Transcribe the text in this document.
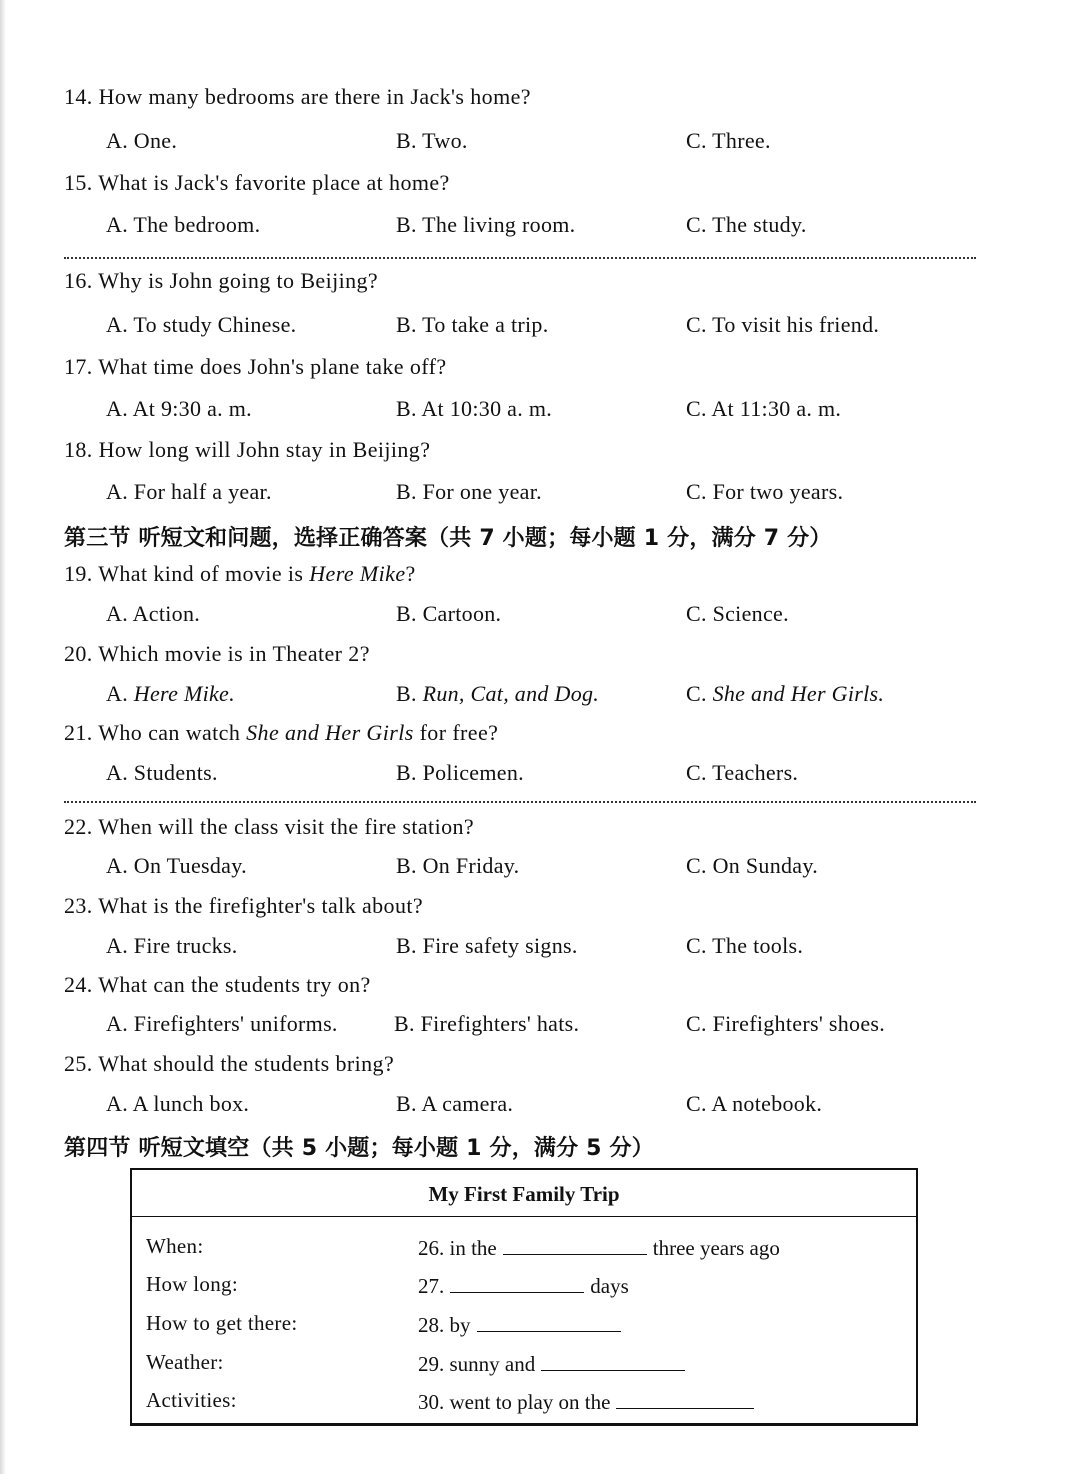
14. How many bedrooms are there in Jack's home?
A. One.	B. Two.	C. Three.
15. What is Jack's favorite place at home?
A. The bedroom.	B. The living room.	C. The study.
16. Why is John going to Beijing?
A. To study Chinese.	B. To take a trip.	C. To visit his friend.
17. What time does John's plane take off?
A. At 9:30 a. m.	B. At 10:30 a. m.	C. At 11:30 a. m.
18. How long will John stay in Beijing?
A. For half a year.	B. For one year.	C. For two years.
第三节 听短文和问题，选择正确答案（共 7 小题；每小题 1 分，满分 7 分）
19. What kind of movie is Here Mike?
A. Action.	B. Cartoon.	C. Science.
20. Which movie is in Theater 2?
A. Here Mike.	B. Run, Cat, and Dog.	C. She and Her Girls.
21. Who can watch She and Her Girls for free?
A. Students.	B. Policemen.	C. Teachers.
22. When will the class visit the fire station?
A. On Tuesday.	B. On Friday.	C. On Sunday.
23. What is the firefighter's talk about?
A. Fire trucks.	B. Fire safety signs.	C. The tools.
24. What can the students try on?
A. Firefighters' uniforms.	B. Firefighters' hats.	C. Firefighters' shoes.
25. What should the students bring?
A. A lunch box.	B. A camera.	C. A notebook.
第四节 听短文填空（共 5 小题；每小题 1 分，满分 5 分）
My First Family Trip
When:	26. in the	three years ago
How long:	27.	days
How to get there:	28. by
Weather:	29. sunny and
Activities:	30. went to play on the
